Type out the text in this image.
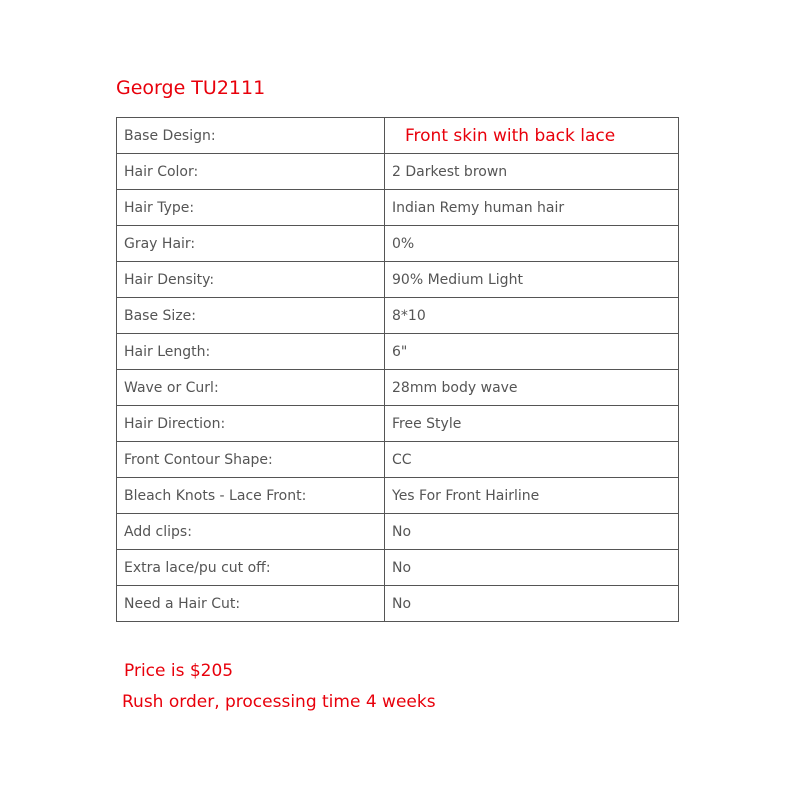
George TU2111
Base Design:	Front skin with back lace
Hair Color:	2 Darkest brown
Hair Type:	Indian Remy human hair
Gray Hair:	0%
Hair Density:	90% Medium Light
Base Size:	8*10
Hair Length:	6"
Wave or Curl:	28mm body wave
Hair Direction:	Free Style
Front Contour Shape:	CC
Bleach Knots - Lace Front:	Yes For Front Hairline
Add clips:	No
Extra lace/pu cut off:	No
Need a Hair Cut:	No
Price is $205
Rush order, processing time 4 weeks
